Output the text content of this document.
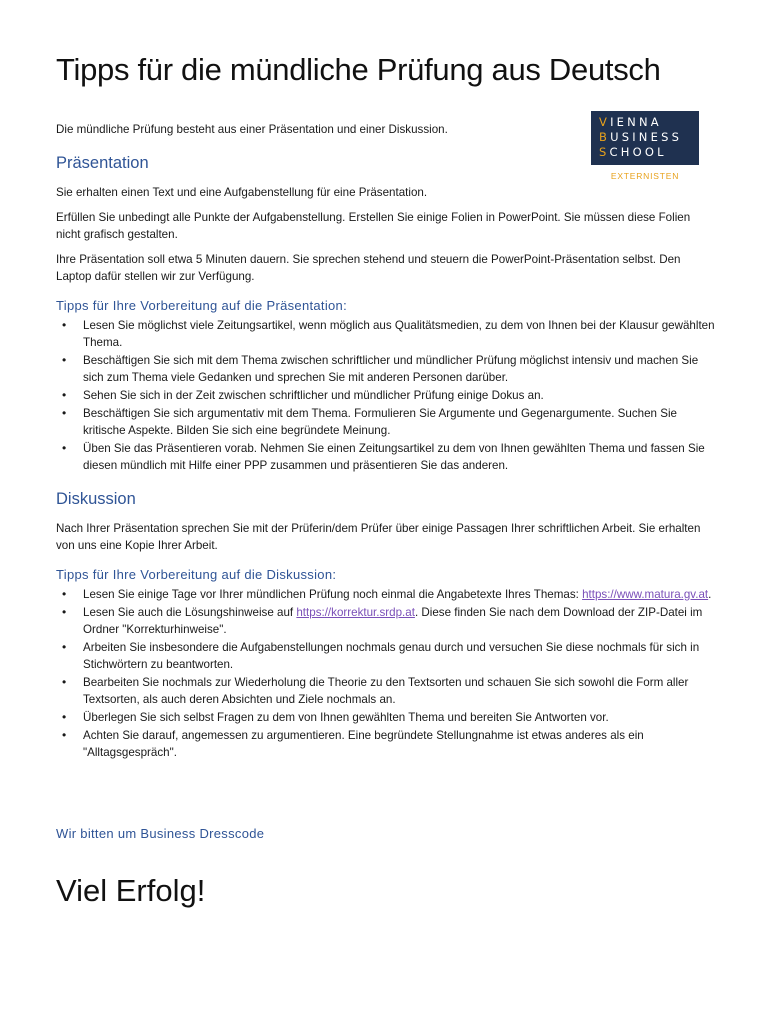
Tipps für die mündliche Prüfung aus Deutsch
VIENNA
BUSINESS
SCHOOL
EXTERNISTEN

Die mündliche Prüfung besteht aus einer Präsentation und einer Diskussion.

Präsentation

Sie erhalten einen Text und eine Aufgabenstellung für eine Präsentation.

Erfüllen Sie unbedingt alle Punkte der Aufgabenstellung. Erstellen Sie einige Folien in PowerPoint. Sie müssen diese Folien nicht grafisch gestalten.

Ihre Präsentation soll etwa 5 Minuten dauern. Sie sprechen stehend und steuern die PowerPoint-Präsentation selbst. Den Laptop dafür stellen wir zur Verfügung.

Tipps für Ihre Vorbereitung auf die Präsentation:
• Lesen Sie möglichst viele Zeitungsartikel, wenn möglich aus Qualitätsmedien, zu dem von Ihnen bei der Klausur gewählten Thema.
• Beschäftigen Sie sich mit dem Thema zwischen schriftlicher und mündlicher Prüfung möglichst intensiv und machen Sie sich zum Thema viele Gedanken und sprechen Sie mit anderen Personen darüber.
• Sehen Sie sich in der Zeit zwischen schriftlicher und mündlicher Prüfung einige Dokus an.
• Beschäftigen Sie sich argumentativ mit dem Thema. Formulieren Sie Argumente und Gegenargumente. Suchen Sie kritische Aspekte. Bilden Sie sich eine begründete Meinung.
• Üben Sie das Präsentieren vorab. Nehmen Sie einen Zeitungsartikel zu dem von Ihnen gewählten Thema und fassen Sie diesen mündlich mit Hilfe einer PPP zusammen und präsentieren Sie das anderen.
Diskussion

Nach Ihrer Präsentation sprechen Sie mit der Prüferin/dem Prüfer über einige Passagen Ihrer schriftlichen Arbeit. Sie erhalten von uns eine Kopie Ihrer Arbeit.

Tipps für Ihre Vorbereitung auf die Diskussion:
• Lesen Sie einige Tage vor Ihrer mündlichen Prüfung noch einmal die Angabetexte Ihres Themas: https://www.matura.gv.at.
• Lesen Sie auch die Lösungshinweise auf https://korrektur.srdp.at. Diese finden Sie nach dem Download der ZIP-Datei im Ordner "Korrekturhinweise".
• Arbeiten Sie insbesondere die Aufgabenstellungen nochmals genau durch und versuchen Sie diese nochmals für sich in Stichwörtern zu beantworten.
• Bearbeiten Sie nochmals zur Wiederholung die Theorie zu den Textsorten und schauen Sie sich sowohl die Form aller Textsorten, als auch deren Absichten und Ziele nochmals an.
• Überlegen Sie sich selbst Fragen zu dem von Ihnen gewählten Thema und bereiten Sie Antworten vor.
• Achten Sie darauf, angemessen zu argumentieren. Eine begründete Stellungnahme ist etwas anderes als ein "Alltagsgespräch".
Wir bitten um Business Dresscode
Viel Erfolg!
